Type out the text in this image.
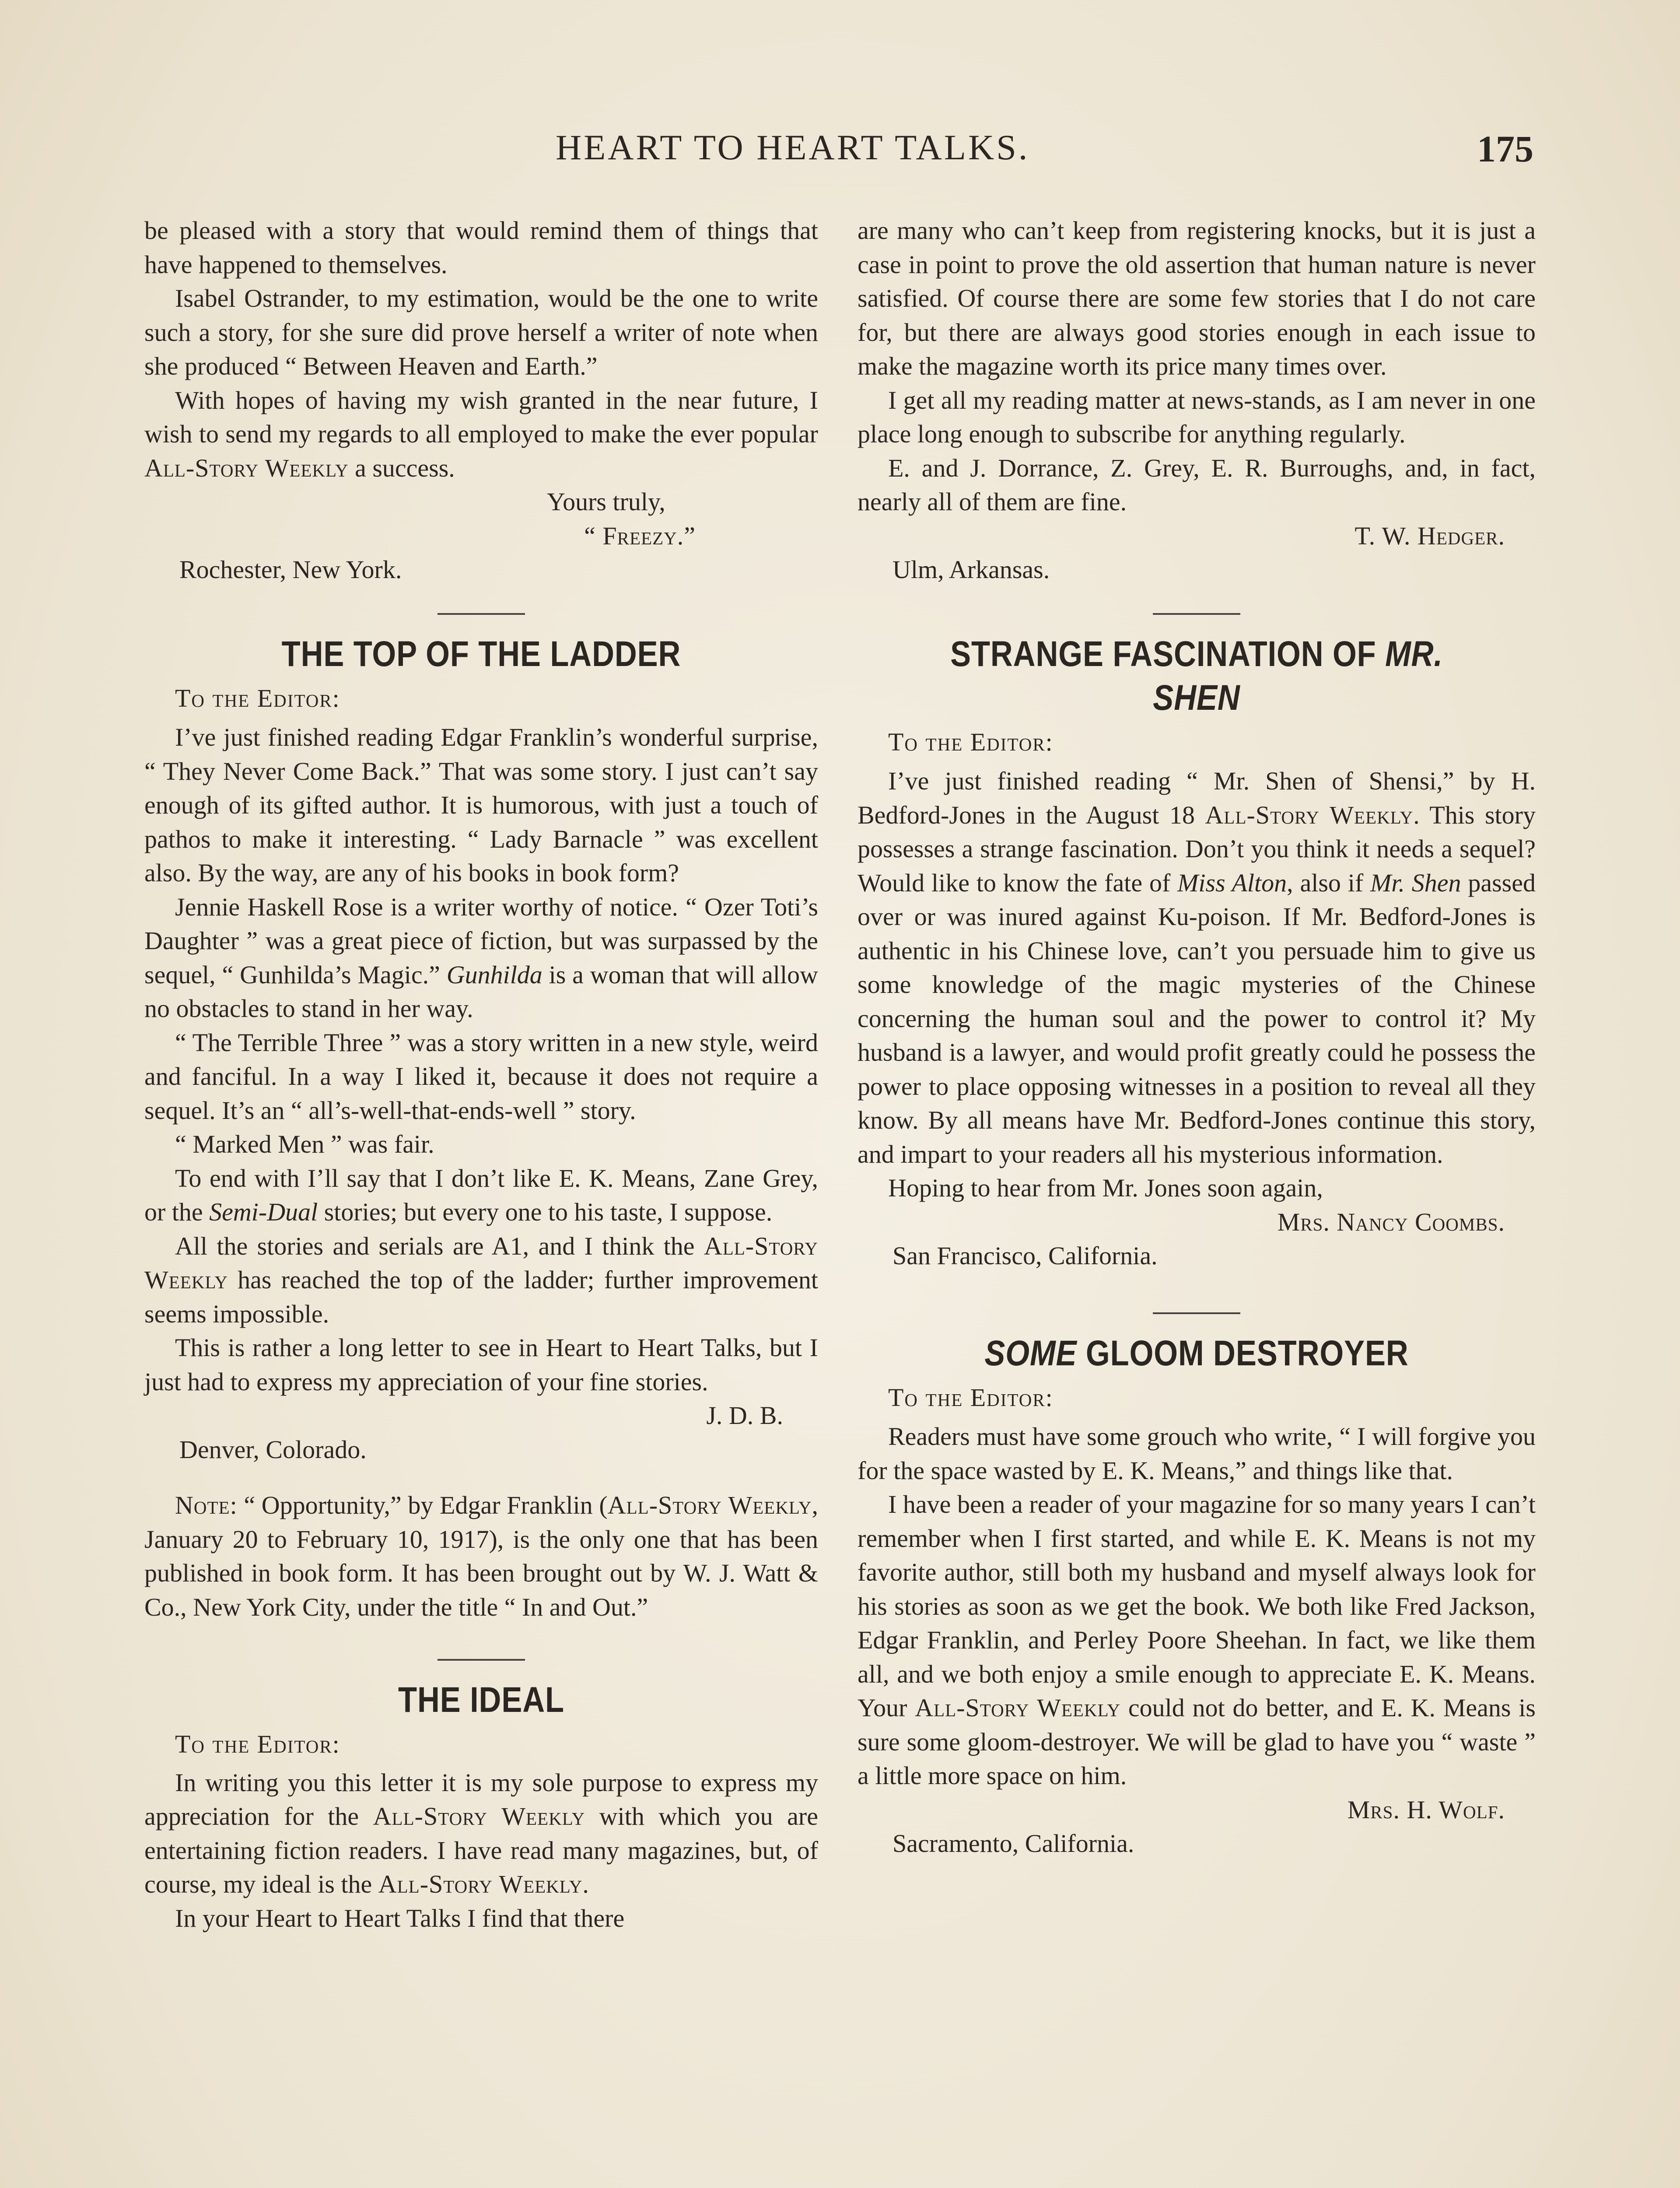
HEART TO HEART TALKS.	175

be pleased with a story that would remind them of things that have happened to themselves.

Isabel Ostrander, to my estimation, would be the one to write such a story, for she sure did prove herself a writer of note when she produced “ Between Heaven and Earth.”

With hopes of having my wish granted in the near future, I wish to send my regards to all employed to make the ever popular All-Story Weekly a success.

Yours truly,

“ Freezy.”

Rochester, New York.

THE TOP OF THE LADDER

To the Editor:

I’ve just finished reading Edgar Franklin’s wonderful surprise, “ They Never Come Back.” That was some story. I just can’t say enough of its gifted author. It is humorous, with just a touch of pathos to make it interesting. “ Lady Barnacle ” was excellent also. By the way, are any of his books in book form?

Jennie Haskell Rose is a writer worthy of notice. “ Ozer Toti’s Daughter ” was a great piece of fiction, but was surpassed by the sequel, “ Gunhilda’s Magic.” Gunhilda is a woman that will allow no obstacles to stand in her way.

“ The Terrible Three ” was a story written in a new style, weird and fanciful. In a way I liked it, because it does not require a sequel. It’s an “ all’s-well-that-ends-well ” story.

“ Marked Men ” was fair.

To end with I’ll say that I don’t like E. K. Means, Zane Grey, or the Semi-Dual stories; but every one to his taste, I suppose.

All the stories and serials are A1, and I think the All-Story Weekly has reached the top of the ladder; further improvement seems impossible.

This is rather a long letter to see in Heart to Heart Talks, but I just had to express my appreciation of your fine stories.

J. D. B.

Denver, Colorado.

Note: “ Opportunity,” by Edgar Franklin (All-Story Weekly, January 20 to February 10, 1917), is the only one that has been published in book form. It has been brought out by W. J. Watt & Co., New York City, under the title “ In and Out.”

THE IDEAL

To the Editor:

In writing you this letter it is my sole purpose to express my appreciation for the All-Story Weekly with which you are entertaining fiction readers. I have read many magazines, but, of course, my ideal is the All-Story Weekly.

In your Heart to Heart Talks I find that there

are many who can’t keep from registering knocks, but it is just a case in point to prove the old assertion that human nature is never satisfied. Of course there are some few stories that I do not care for, but there are always good stories enough in each issue to make the magazine worth its price many times over.

I get all my reading matter at news-stands, as I am never in one place long enough to subscribe for anything regularly.

E. and J. Dorrance, Z. Grey, E. R. Burroughs, and, in fact, nearly all of them are fine.

T. W. Hedger.

Ulm, Arkansas.

STRANGE FASCINATION OF MR. SHEN

To the Editor:

I’ve just finished reading “ Mr. Shen of Shensi,” by H. Bedford-Jones in the August 18 All-Story Weekly. This story possesses a strange fascination. Don’t you think it needs a sequel? Would like to know the fate of Miss Alton, also if Mr. Shen passed over or was inured against Ku-poison. If Mr. Bedford-Jones is authentic in his Chinese love, can’t you persuade him to give us some knowledge of the magic mysteries of the Chinese concerning the human soul and the power to control it? My husband is a lawyer, and would profit greatly could he possess the power to place opposing witnesses in a position to reveal all they know. By all means have Mr. Bedford-Jones continue this story, and impart to your readers all his mysterious information.

Hoping to hear from Mr. Jones soon again,

Mrs. Nancy Coombs.

San Francisco, California.

SOME GLOOM DESTROYER

To the Editor:

Readers must have some grouch who write, “ I will forgive you for the space wasted by E. K. Means,” and things like that.

I have been a reader of your magazine for so many years I can’t remember when I first started, and while E. K. Means is not my favorite author, still both my husband and myself always look for his stories as soon as we get the book. We both like Fred Jackson, Edgar Franklin, and Perley Poore Sheehan. In fact, we like them all, and we both enjoy a smile enough to appreciate E. K. Means. Your All-Story Weekly could not do better, and E. K. Means is sure some gloom-destroyer. We will be glad to have you “ waste ” a little more space on him.

Mrs. H. Wolf.

Sacramento, California.
